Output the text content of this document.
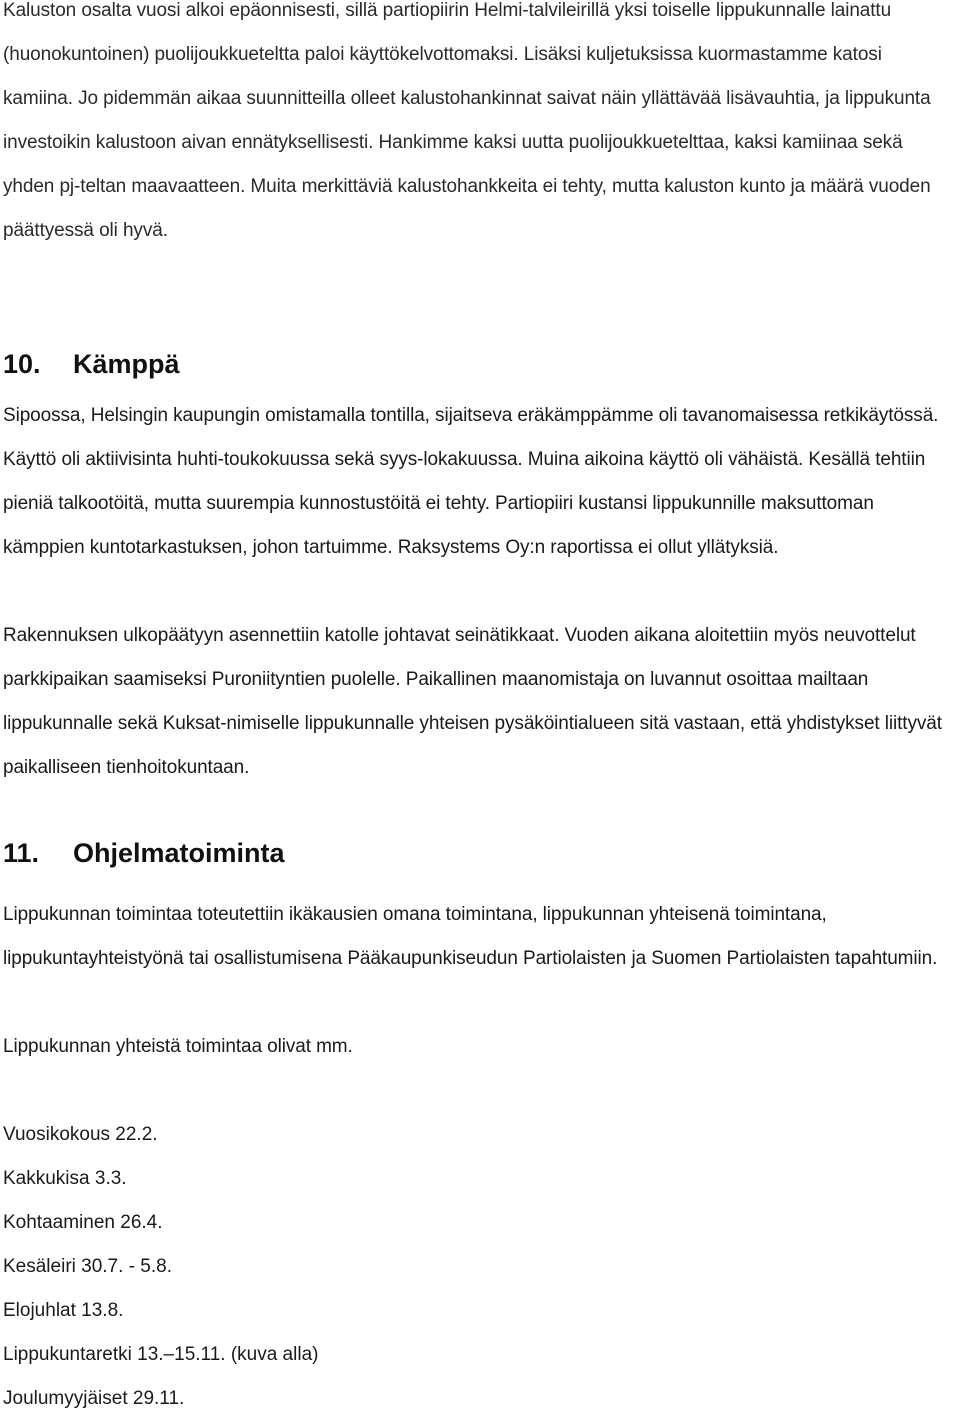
Kaluston osalta vuosi alkoi epäonnisesti, sillä partiopiirin Helmi-talvileirillä yksi toiselle lippukunnalle lainattu (huonokuntoinen) puolijoukkueteltta paloi käyttökelvottomaksi. Lisäksi kuljetuksissa kuormastamme katosi kamiina. Jo pidemmän aikaa suunnitteilla olleet kalustohankinnat saivat näin yllättävää lisävauhtia, ja lippukunta investoikin kalustoon aivan ennätyksellisesti. Hankimme kaksi uutta puolijoukkuetelttaa, kaksi kamiinaa sekä yhden pj-teltan maavaatteen. Muita merkittäviä kalustohankkeita ei tehty, mutta kaluston kunto ja määrä vuoden päättyessä oli hyvä.

10. Kämppä

Sipoossa, Helsingin kaupungin omistamalla tontilla, sijaitseva eräkämppämme oli tavanomaisessa retkikäytössä. Käyttö oli aktiivisinta huhti-toukokuussa sekä syys-lokakuussa. Muina aikoina käyttö oli vähäistä. Kesällä tehtiin pieniä talkootöitä, mutta suurempia kunnostustöitä ei tehty. Partiopiiri kustansi lippukunnille maksuttoman kämppien kuntotarkastuksen, johon tartuimme. Raksystems Oy:n raportissa ei ollut yllätyksiä.

Rakennuksen ulkopäätyyn asennettiin katolle johtavat seinätikkaat. Vuoden aikana aloitettiin myös neuvottelut parkkipaikan saamiseksi Puroniityntien puolelle. Paikallinen maanomistaja on luvannut osoittaa mailtaan lippukunnalle sekä Kuksat-nimiselle lippukunnalle yhteisen pysäköintialueen sitä vastaan, että yhdistykset liittyvät paikalliseen tienhoitokuntaan.

11. Ohjelmatoiminta

Lippukunnan toimintaa toteutettiin ikäkausien omana toimintana, lippukunnan yhteisenä toimintana, lippukuntayhteistyönä tai osallistumisena Pääkaupunkiseudun Partiolaisten ja Suomen Partiolaisten tapahtumiin.

Lippukunnan yhteistä toimintaa olivat mm.

Vuosikokous 22.2.
Kakkukisa 3.3.
Kohtaaminen 26.4.
Kesäleiri 30.7. - 5.8.
Elojuhlat 13.8.
Lippukuntaretki 13.–15.11. (kuva alla)
Joulumyyjäiset 29.11.
